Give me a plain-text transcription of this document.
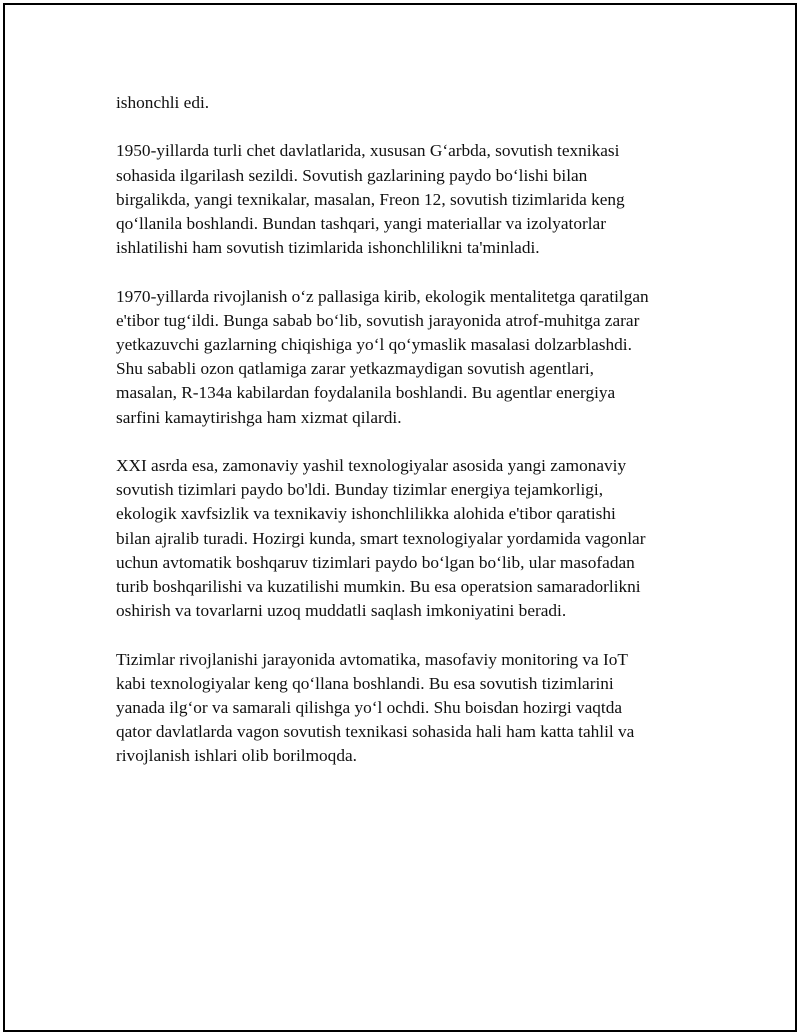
ishonchli edi.

1950-yillarda turli chet davlatlarida, xususan G‘arbda, sovutish texnikasi
sohasida ilgarilash sezildi. Sovutish gazlarining paydo bo‘lishi bilan
birgalikda, yangi texnikalar, masalan, Freon 12, sovutish tizimlarida keng
qo‘llanila boshlandi. Bundan tashqari, yangi materiallar va izolyatorlar
ishlatilishi ham sovutish tizimlarida ishonchlilikni ta'minladi.

1970-yillarda rivojlanish o‘z pallasiga kirib, ekologik mentalitetga qaratilgan
e'tibor tug‘ildi. Bunga sabab bo‘lib, sovutish jarayonida atrof-muhitga zarar
yetkazuvchi gazlarning chiqishiga yo‘l qo‘ymaslik masalasi dolzarblashdi.
Shu sababli ozon qatlamiga zarar yetkazmaydigan sovutish agentlari,
masalan, R-134a kabilardan foydalanila boshlandi. Bu agentlar energiya
sarfini kamaytirishga ham xizmat qilardi.

XXI asrda esa, zamonaviy yashil texnologiyalar asosida yangi zamonaviy
sovutish tizimlari paydo bo'ldi. Bunday tizimlar energiya tejamkorligi,
ekologik xavfsizlik va texnikaviy ishonchlilikka alohida e'tibor qaratishi
bilan ajralib turadi. Hozirgi kunda, smart texnologiyalar yordamida vagonlar
uchun avtomatik boshqaruv tizimlari paydo bo‘lgan bo‘lib, ular masofadan
turib boshqarilishi va kuzatilishi mumkin. Bu esa operatsion samaradorlikni
oshirish va tovarlarni uzoq muddatli saqlash imkoniyatini beradi.

Tizimlar rivojlanishi jarayonida avtomatika, masofaviy monitoring va IoT
kabi texnologiyalar keng qo‘llana boshlandi. Bu esa sovutish tizimlarini
yanada ilg‘or va samarali qilishga yo‘l ochdi. Shu boisdan hozirgi vaqtda
qator davlatlarda vagon sovutish texnikasi sohasida hali ham katta tahlil va
rivojlanish ishlari olib borilmoqda.
